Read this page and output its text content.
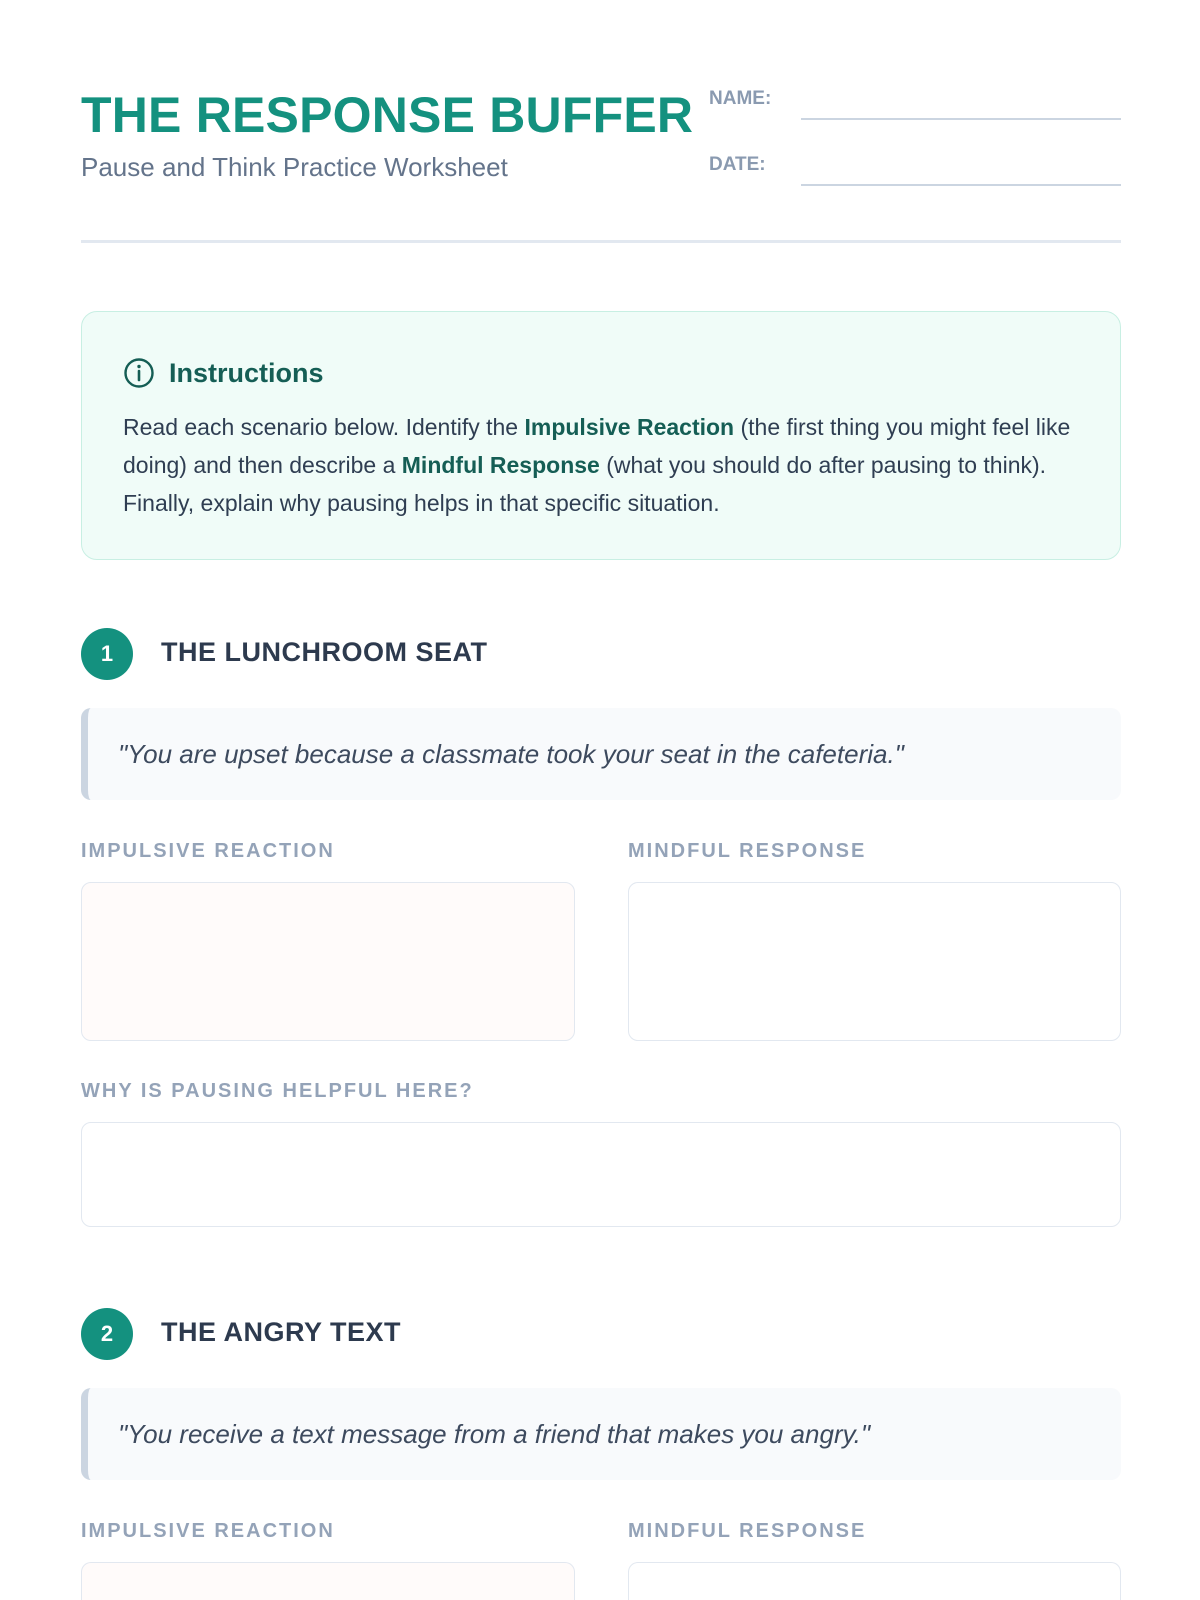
THE RESPONSE BUFFER
Pause and Think Practice Worksheet
NAME:
DATE:
Instructions
Read each scenario below. Identify the Impulsive Reaction (the first thing you might feel like doing) and then describe a Mindful Response (what you should do after pausing to think). Finally, explain why pausing helps in that specific situation.
1	THE LUNCHROOM SEAT
"You are upset because a classmate took your seat in the cafeteria."
IMPULSIVE REACTION	MINDFUL RESPONSE
WHY IS PAUSING HELPFUL HERE?
2	THE ANGRY TEXT
"You receive a text message from a friend that makes you angry."
IMPULSIVE REACTION	MINDFUL RESPONSE
